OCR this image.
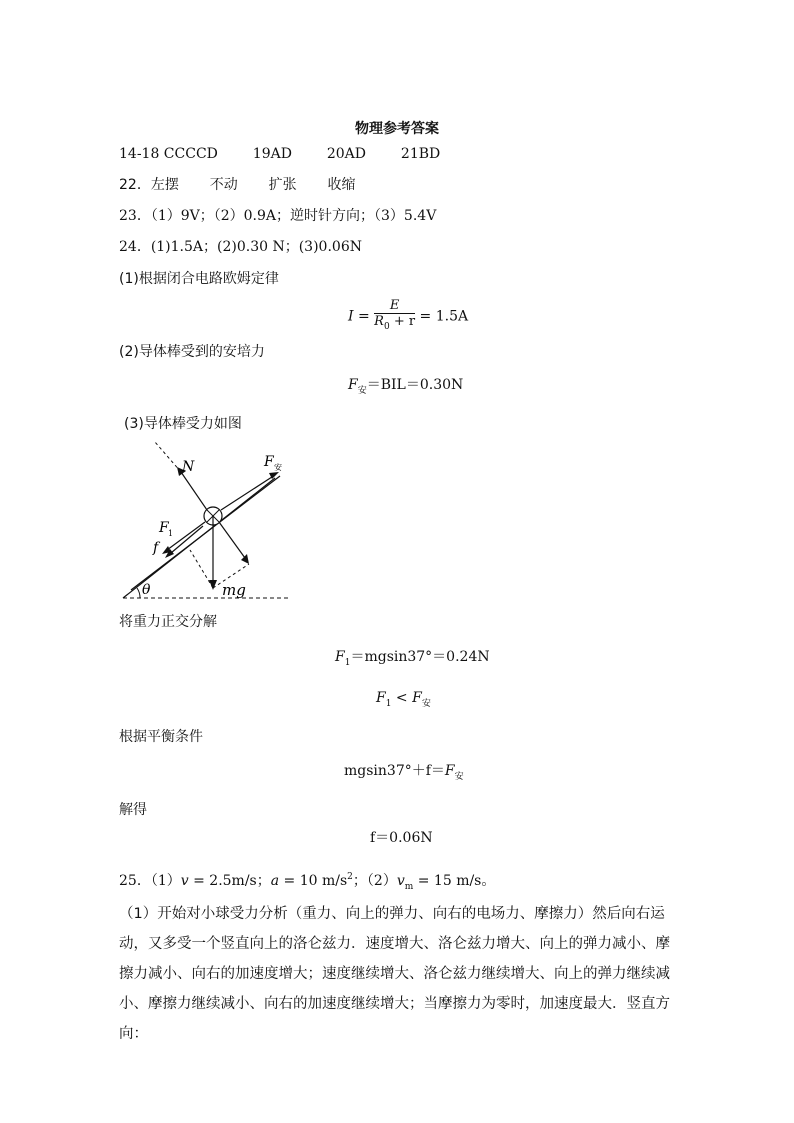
物理参考答案
14-18 CCCCD 19AD 20AD 21BD
22．左摆 不动 扩张 收缩
23．（1）9V；（2）0.9A；逆时针方向；（3）5.4V
24．(1)1.5A；(2)0.30 N；(3)0.06N
(1)根据闭合电路欧姆定律
$I = \frac{E}{R_0 + r} = 1.5A$
(2)导体棒受到的安培力
$F_安=BIL=0.30N$
(3)导体棒受力如图
N	F 安
F 1
f
θ	mg
将重力正交分解
$F_1=mgsin37^\circ=0.24N$
$F_1 < F_安$
根据平衡条件
$mgsin37^\circ+f=F_安$
解得
f＝0.06N
25．（1）v = 2.5m/s；a = 10 $m/s^2$；$(2)v_m = 15$ m/s。
（1）开始对小球受力分析（重力、向上的弹力、向右的电场力、摩擦力）然后向右运动，又多受一个竖直向上的洛仑兹力．速度增大、洛仑兹力增大、向上的弹力减小、摩擦力减小、向右的加速度增大；速度继续增大、洛仑兹力继续增大、向上的弹力继续减小、摩擦力继续减小、向右的加速度继续增大；当摩擦力为零时，加速度最大．竖直方向：
